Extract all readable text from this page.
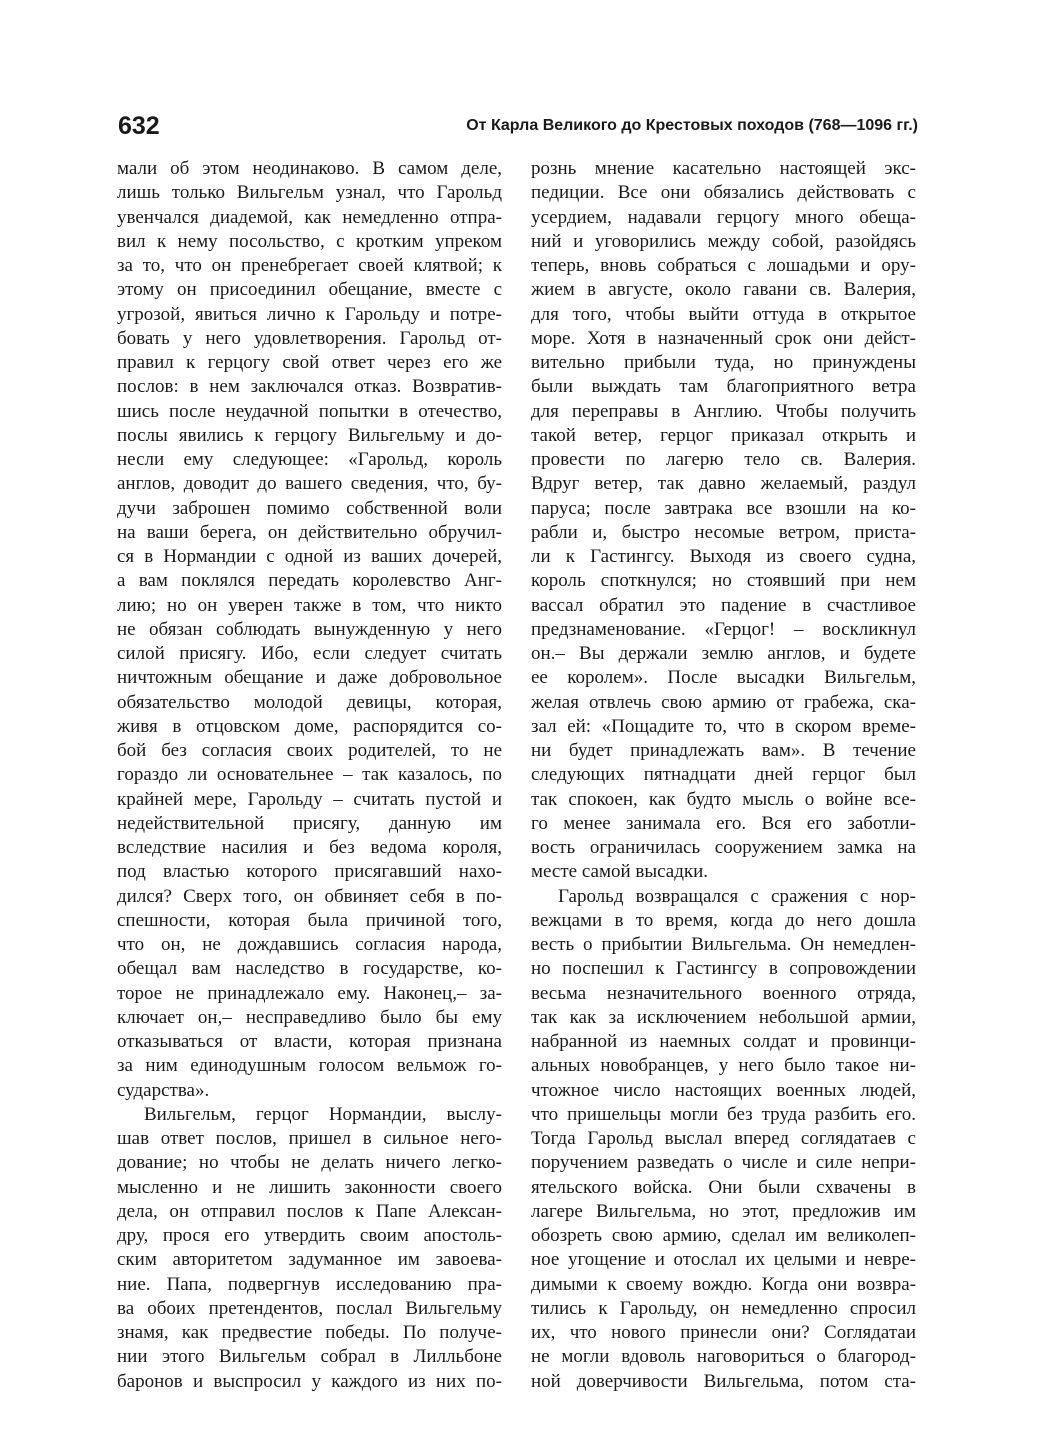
632	От Карла Великого до Крестовых походов (768—1096 гг.)

мали об этом неодинаково. В самом деле,
лишь только Вильгельм узнал, что Гарольд
увенчался диадемой, как немедленно отпра-
вил к нему посольство, с кротким упреком
за то, что он пренебрегает своей клятвой; к
этому он присоединил обещание, вместе с
угрозой, явиться лично к Гарольду и потре-
бовать у него удовлетворения. Гарольд от-
правил к герцогу свой ответ через его же
послов: в нем заключался отказ. Возвратив-
шись после неудачной попытки в отечество,
послы явились к герцогу Вильгельму и до-
несли ему следующее: «Гарольд, король
англов, доводит до вашего сведения, что, бу-
дучи заброшен помимо собственной воли
на ваши берега, он действительно обручил-
ся в Нормандии с одной из ваших дочерей,
а вам поклялся передать королевство Анг-
лию; но он уверен также в том, что никто
не обязан соблюдать вынужденную у него
силой присягу. Ибо, если следует считать
ничтожным обещание и даже добровольное
обязательство молодой девицы, которая,
живя в отцовском доме, распорядится со-
бой без согласия своих родителей, то не
гораздо ли основательнее – так казалось, по
крайней мере, Гарольду – считать пустой и
недействительной присягу, данную им
вследствие насилия и без ведома короля,
под властью которого присягавший нахо-
дился? Сверх того, он обвиняет себя в по-
спешности, которая была причиной того,
что он, не дождавшись согласия народа,
обещал вам наследство в государстве, ко-
торое не принадлежало ему. Наконец,– за-
ключает он,– несправедливо было бы ему
отказываться от власти, которая признана
за ним единодушным голосом вельмож го-
сударства».
Вильгельм, герцог Нормандии, выслу-
шав ответ послов, пришел в сильное него-
дование; но чтобы не делать ничего легко-
мысленно и не лишить законности своего
дела, он отправил послов к Папе Алексан-
дру, прося его утвердить своим апостоль-
ским авторитетом задуманное им завоева-
ние. Папа, подвергнув исследованию пра-
ва обоих претендентов, послал Вильгельму
знамя, как предвестие победы. По получе-
нии этого Вильгельм собрал в Лилльбоне
баронов и выспросил у каждого из них по-
рознь мнение касательно настоящей экс-
педиции. Все они обязались действовать с
усердием, надавали герцогу много обеща-
ний и уговорились между собой, разойдясь
теперь, вновь собраться с лошадьми и ору-
жием в августе, около гавани св. Валерия,
для того, чтобы выйти оттуда в открытое
море. Хотя в назначенный срок они дейст-
вительно прибыли туда, но принуждены
были выждать там благоприятного ветра
для переправы в Англию. Чтобы получить
такой ветер, герцог приказал открыть и
провести по лагерю тело св. Валерия.
Вдруг ветер, так давно желаемый, раздул
паруса; после завтрака все взошли на ко-
рабли и, быстро несомые ветром, приста-
ли к Гастингсу. Выходя из своего судна,
король споткнулся; но стоявший при нем
вассал обратил это падение в счастливое
предзнаменование. «Герцог! – воскликнул
он.– Вы держали землю англов, и будете
ее королем». После высадки Вильгельм,
желая отвлечь свою армию от грабежа, ска-
зал ей: «Пощадите то, что в скором време-
ни будет принадлежать вам». В течение
следующих пятнадцати дней герцог был
так спокоен, как будто мысль о войне все-
го менее занимала его. Вся его заботли-
вость ограничилась сооружением замка на
месте самой высадки.
Гарольд возвращался с сражения с нор-
вежцами в то время, когда до него дошла
весть о прибытии Вильгельма. Он немедлен-
но поспешил к Гастингсу в сопровождении
весьма незначительного военного отряда,
так как за исключением небольшой армии,
набранной из наемных солдат и провинци-
альных новобранцев, у него было такое ни-
чтожное число настоящих военных людей,
что пришельцы могли без труда разбить его.
Тогда Гарольд выслал вперед соглядатаев с
поручением разведать о числе и силе непри-
ятельского войска. Они были схвачены в
лагере Вильгельма, но этот, предложив им
обозреть свою армию, сделал им великолеп-
ное угощение и отослал их целыми и невре-
димыми к своему вождю. Когда они возвра-
тились к Гарольду, он немедленно спросил
их, что нового принесли они? Соглядатаи
не могли вдоволь наговориться о благород-
ной доверчивости Вильгельма, потом ста-
